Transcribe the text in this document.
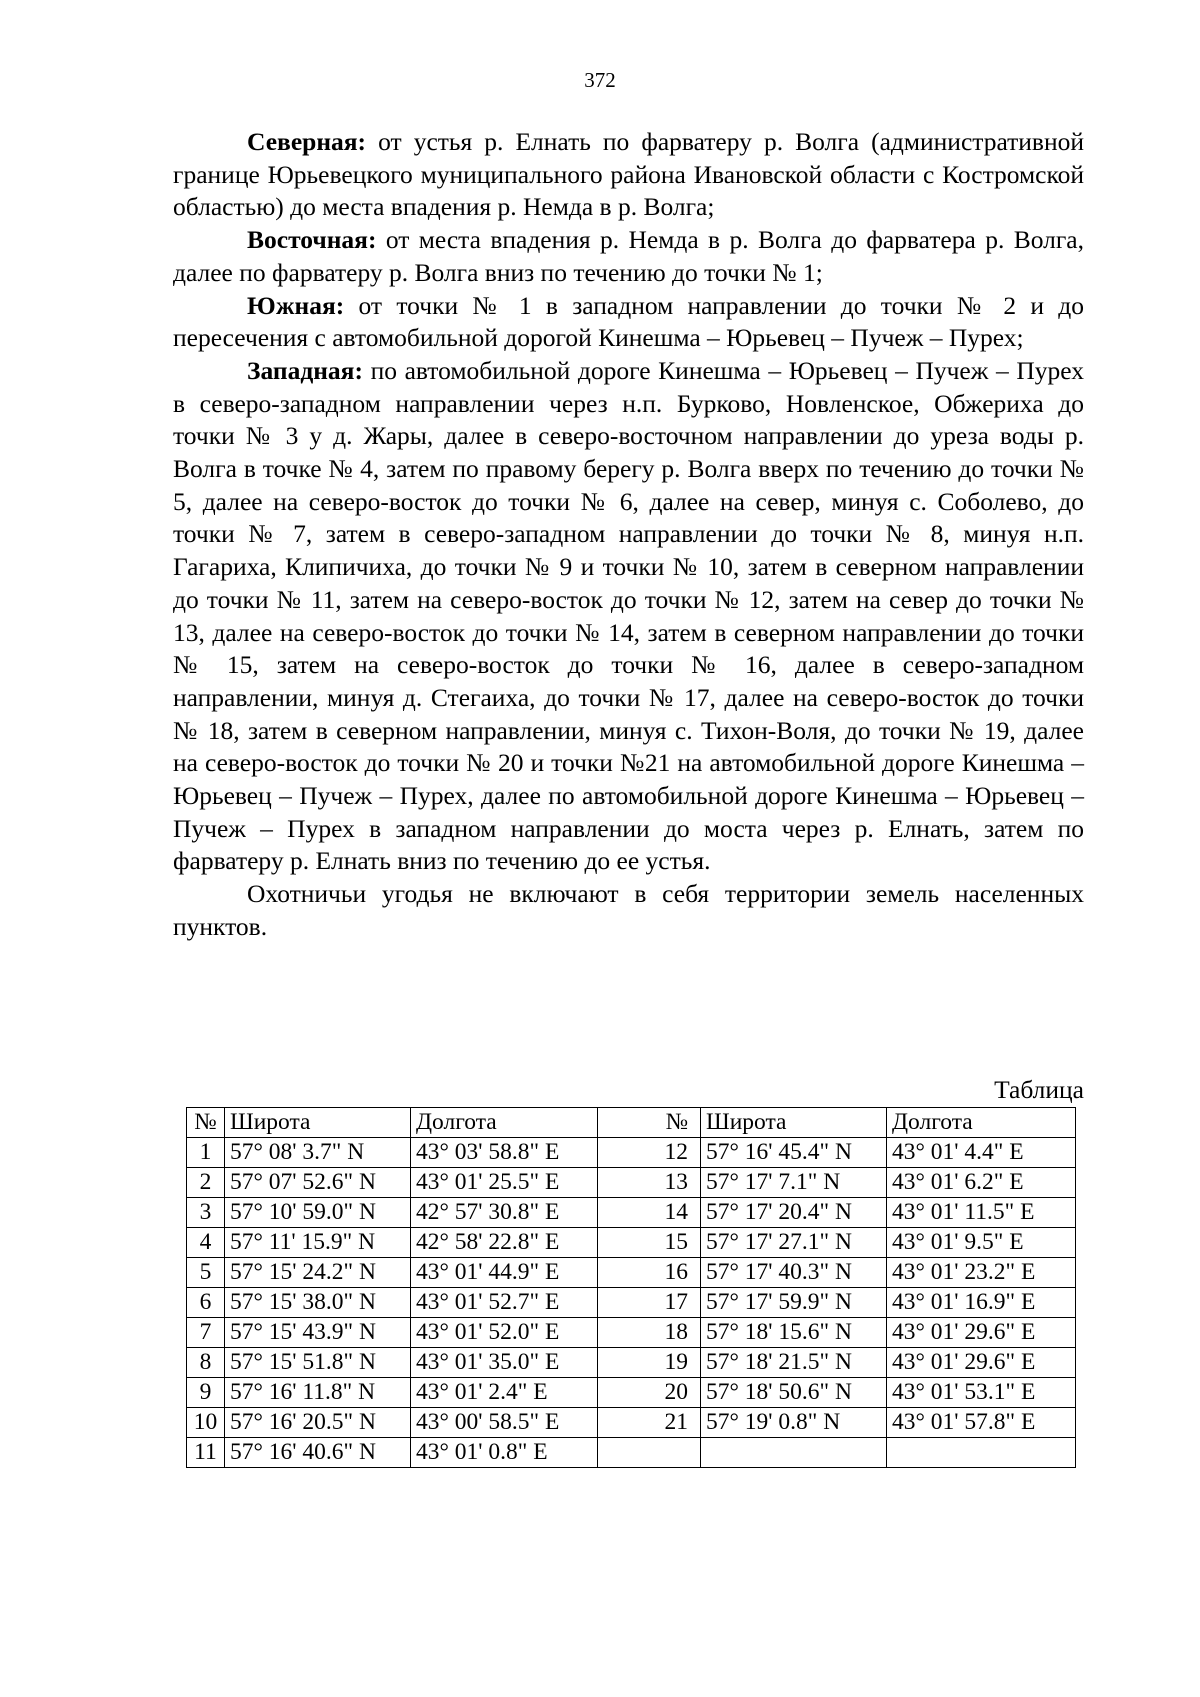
372

Северная: от устья р. Елнать по фарватеру р. Волга (административной границе Юрьевецкого муниципального района Ивановской области с Костромской областью) до места впадения р. Немда в р. Волга;

Восточная: от места впадения р. Немда в р. Волга до фарватера р. Волга, далее по фарватеру р. Волга вниз по течению до точки № 1;

Южная: от точки № 1 в западном направлении до точки № 2 и до пересечения с автомобильной дорогой Кинешма – Юрьевец – Пучеж – Пурех;

Западная: по автомобильной дороге Кинешма – Юрьевец – Пучеж – Пурех в северо-западном направлении через н.п. Бурково, Новленское, Обжериха до точки № 3 у д. Жары, далее в северо-восточном направлении до уреза воды р. Волга в точке № 4, затем по правому берегу р. Волга вверх по течению до точки № 5, далее на северо-восток до точки № 6, далее на север, минуя с. Соболево, до точки № 7, затем в северо-западном направлении до точки № 8, минуя н.п. Гагариха, Клипичиха, до точки № 9 и точки № 10, затем в северном направлении до точки № 11, затем на северо-восток до точки № 12, затем на север до точки № 13, далее на северо-восток до точки № 14, затем в северном направлении до точки № 15, затем на северо-восток до точки № 16, далее в северо-западном направлении, минуя д. Стегаиха, до точки № 17, далее на северо-восток до точки № 18, затем в северном направлении, минуя с. Тихон-Воля, до точки № 19, далее на северо-восток до точки № 20 и точки №21 на автомобильной дороге Кинешма – Юрьевец – Пучеж – Пурех, далее по автомобильной дороге Кинешма – Юрьевец – Пучеж – Пурех в западном направлении до моста через р. Елнать, затем по фарватеру р. Елнать вниз по течению до ее устья.

Охотничьи угодья не включают в себя территории земель населенных пунктов.

Таблица
№	Широта	Долгота	№	Широта	Долгота
1	57° 08' 3.7" N	43° 03' 58.8" E	12	57° 16' 45.4" N	43° 01' 4.4" E
2	57° 07' 52.6" N	43° 01' 25.5" E	13	57° 17' 7.1" N	43° 01' 6.2" E
3	57° 10' 59.0" N	42° 57' 30.8" E	14	57° 17' 20.4" N	43° 01' 11.5" E
4	57° 11' 15.9" N	42° 58' 22.8" E	15	57° 17' 27.1" N	43° 01' 9.5" E
5	57° 15' 24.2" N	43° 01' 44.9" E	16	57° 17' 40.3" N	43° 01' 23.2" E
6	57° 15' 38.0" N	43° 01' 52.7" E	17	57° 17' 59.9" N	43° 01' 16.9" E
7	57° 15' 43.9" N	43° 01' 52.0" E	18	57° 18' 15.6" N	43° 01' 29.6" E
8	57° 15' 51.8" N	43° 01' 35.0" E	19	57° 18' 21.5" N	43° 01' 29.6" E
9	57° 16' 11.8" N	43° 01' 2.4" E	20	57° 18' 50.6" N	43° 01' 53.1" E
10	57° 16' 20.5" N	43° 00' 58.5" E	21	57° 19' 0.8" N	43° 01' 57.8" E
11	57° 16' 40.6" N	43° 01' 0.8" E			
